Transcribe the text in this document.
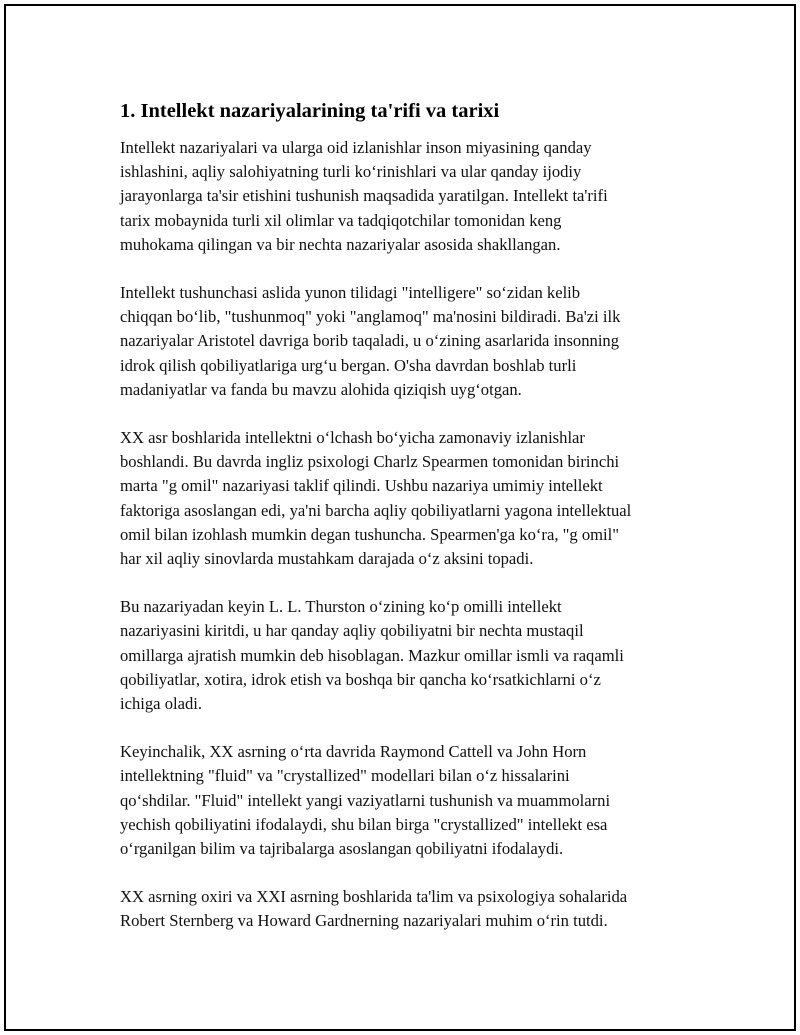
1. Intellekt nazariyalarining ta'rifi va tarixi

Intellekt nazariyalari va ularga oid izlanishlar inson miyasining qanday
ishlashini, aqliy salohiyatning turli ko‘rinishlari va ular qanday ijodiy
jarayonlarga ta'sir etishini tushunish maqsadida yaratilgan. Intellekt ta'rifi
tarix mobaynida turli xil olimlar va tadqiqotchilar tomonidan keng
muhokama qilingan va bir nechta nazariyalar asosida shakllangan.

Intellekt tushunchasi aslida yunon tilidagi "intelligere" so‘zidan kelib
chiqqan bo‘lib, "tushunmoq" yoki "anglamoq" ma'nosini bildiradi. Ba'zi ilk
nazariyalar Aristotel davriga borib taqaladi, u o‘zining asarlarida insonning
idrok qilish qobiliyatlariga urg‘u bergan. O'sha davrdan boshlab turli
madaniyatlar va fanda bu mavzu alohida qiziqish uyg‘otgan.

XX asr boshlarida intellektni o‘lchash bo‘yicha zamonaviy izlanishlar
boshlandi. Bu davrda ingliz psixologi Charlz Spearmen tomonidan birinchi
marta "g omil" nazariyasi taklif qilindi. Ushbu nazariya umimiy intellekt
faktoriga asoslangan edi, ya'ni barcha aqliy qobiliyatlarni yagona intellektual
omil bilan izohlash mumkin degan tushuncha. Spearmen'ga ko‘ra, "g omil"
har xil aqliy sinovlarda mustahkam darajada o‘z aksini topadi.

Bu nazariyadan keyin L. L. Thurston o‘zining ko‘p omilli intellekt
nazariyasini kiritdi, u har qanday aqliy qobiliyatni bir nechta mustaqil
omillarga ajratish mumkin deb hisoblagan. Mazkur omillar ismli va raqamli
qobiliyatlar, xotira, idrok etish va boshqa bir qancha ko‘rsatkichlarni o‘z
ichiga oladi.

Keyinchalik, XX asrning o‘rta davrida Raymond Cattell va John Horn
intellektning "fluid" va "crystallized" modellari bilan o‘z hissalarini
qo‘shdilar. "Fluid" intellekt yangi vaziyatlarni tushunish va muammolarni
yechish qobiliyatini ifodalaydi, shu bilan birga "crystallized" intellekt esa
o‘rganilgan bilim va tajribalarga asoslangan qobiliyatni ifodalaydi.

XX asrning oxiri va XXI asrning boshlarida ta'lim va psixologiya sohalarida
Robert Sternberg va Howard Gardnerning nazariyalari muhim o‘rin tutdi.
